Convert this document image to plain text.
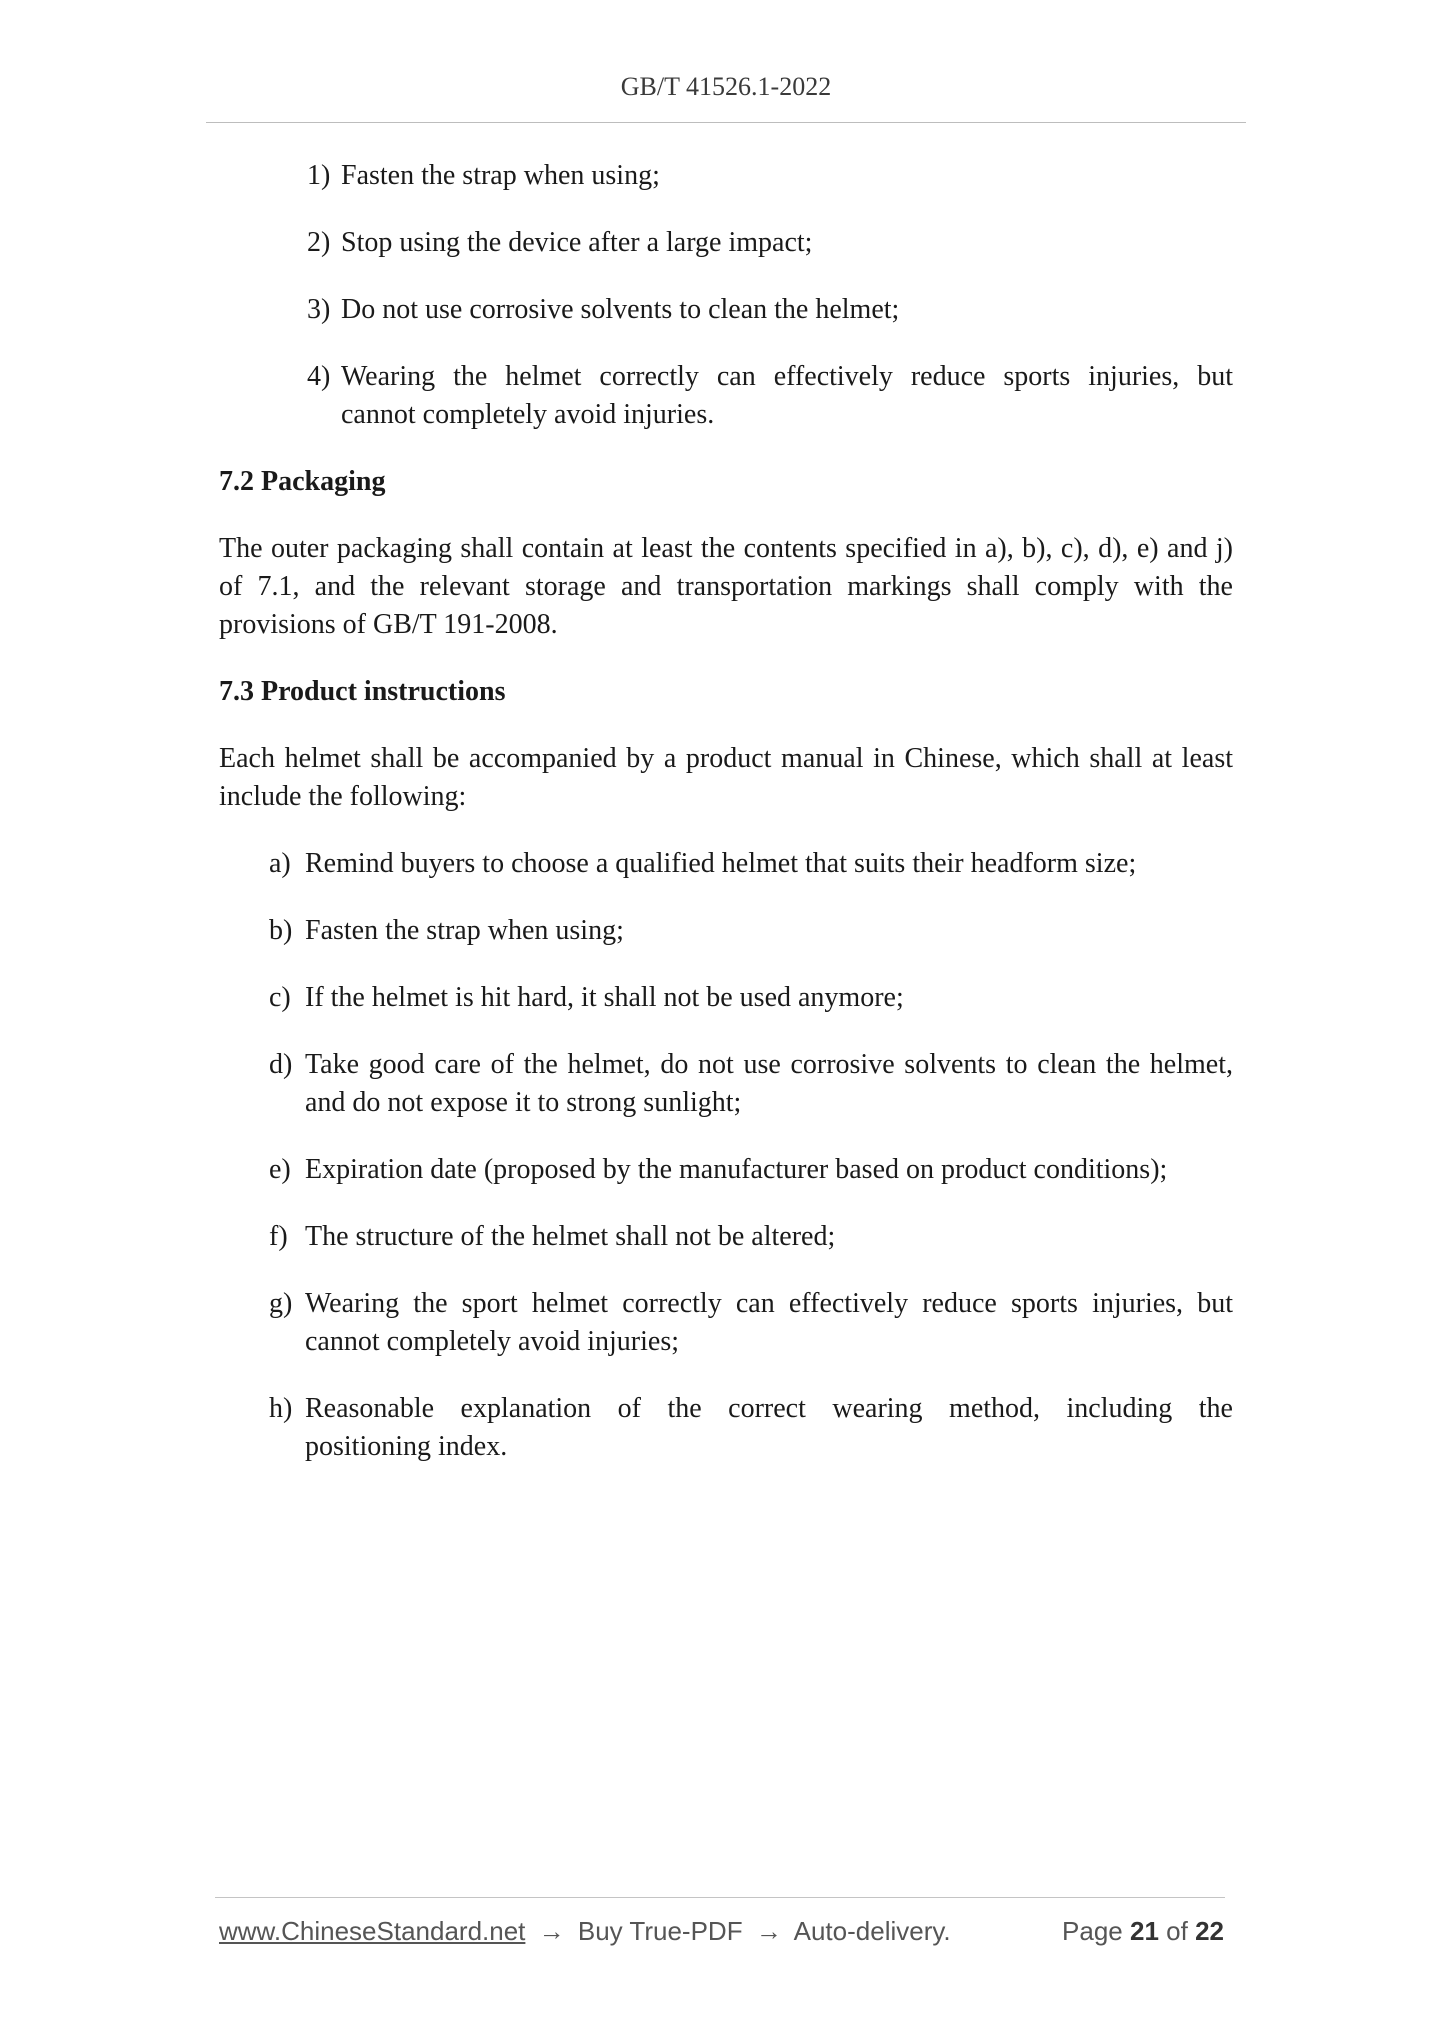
GB/T 41526.1-2022
1) Fasten the strap when using;
2) Stop using the device after a large impact;
3) Do not use corrosive solvents to clean the helmet;
4) Wearing the helmet correctly can effectively reduce sports injuries, but
cannot completely avoid injuries.
7.2 Packaging
The outer packaging shall contain at least the contents specified in a), b), c), d), e) and j) of 7.1, and the relevant storage and transportation markings shall comply with the provisions of GB/T 191-2008.
7.3 Product instructions
Each helmet shall be accompanied by a product manual in Chinese, which shall at least include the following:
a) Remind buyers to choose a qualified helmet that suits their headform size;
b) Fasten the strap when using;
c) If the helmet is hit hard, it shall not be used anymore;
d) Take good care of the helmet, do not use corrosive solvents to clean the helmet,
and do not expose it to strong sunlight;
e) Expiration date (proposed by the manufacturer based on product conditions);
f) The structure of the helmet shall not be altered;
g) Wearing the sport helmet correctly can effectively reduce sports injuries, but
cannot completely avoid injuries;
h) Reasonable explanation of the correct wearing method, including the
positioning index.
www.ChineseStandard.net → Buy True-PDF → Auto-delivery.	Page 21 of 22
